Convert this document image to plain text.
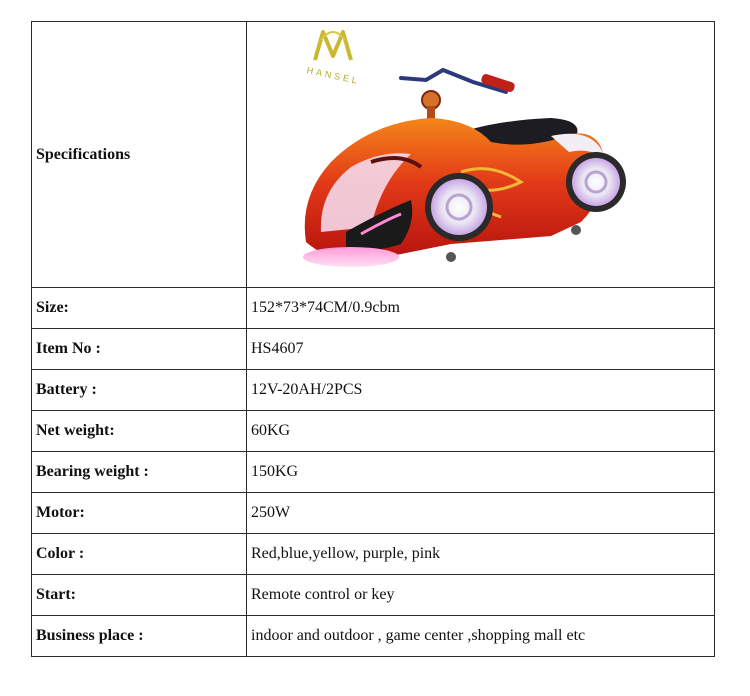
Specifications	HANSEL

Size:	152*73*74CM/0.9cbm
Item No :	HS4607
Battery :	12V-20AH/2PCS
Net weight:	60KG
Bearing weight :	150KG
Motor:	250W
Color :	Red,blue,yellow, purple, pink
Start:	Remote control or key
Business place :	indoor and outdoor , game center ,shopping mall etc
